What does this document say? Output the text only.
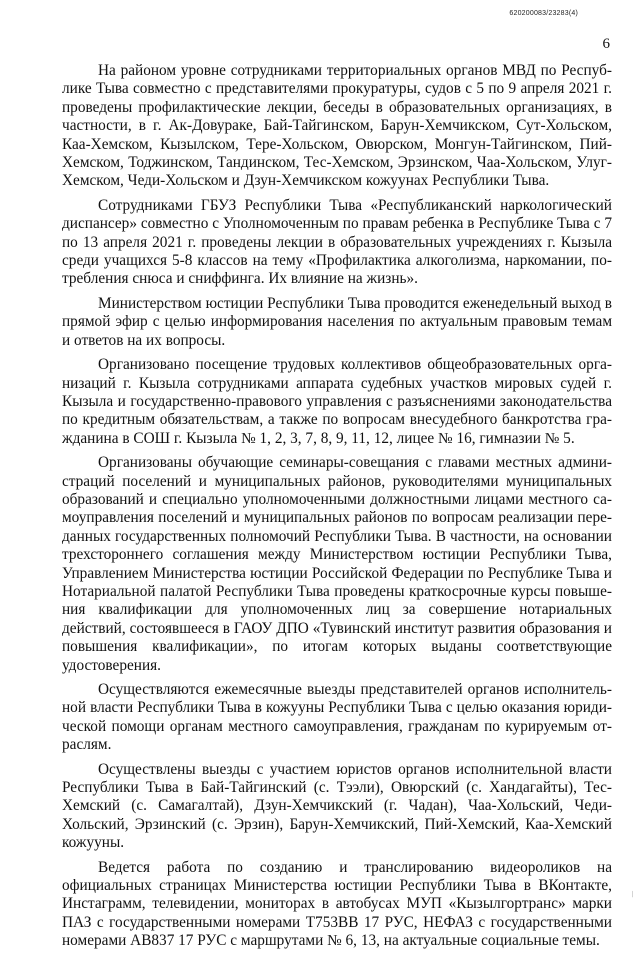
620200083/23283(4)
6

На районом уровне сотрудниками территориальных органов МВД по Республике Тыва совместно с представителями прокуратуры, судов с 5 по 9 апреля 2021 г. проведены профилактические лекции, беседы в образовательных организациях, в частности, в г. Ак-Довураке, Бай-Тайгинском, Барун-Хемчикском, Сут-Хольском, Каа-Хемском, Кызылском, Тере-Хольском, Овюрском, Монгун-Тайгинском, Пий-Хемском, Тоджинском, Тандинском, Тес-Хемском, Эрзинском, Чаа-Хольском, Улуг-Хемском, Чеди-Хольском и Дзун-Хемчикском кожуунах Республики Тыва.

Сотрудниками ГБУЗ Республики Тыва «Республиканский наркологический диспансер» совместно с Уполномоченным по правам ребенка в Республике Тыва с 7 по 13 апреля 2021 г. проведены лекции в образовательных учреждениях г. Кызыла среди учащихся 5-8 классов на тему «Профилактика алкоголизма, наркомании, потребления снюса и сниффинга. Их влияние на жизнь».

Министерством юстиции Республики Тыва проводится еженедельный выход в прямой эфир с целью информирования населения по актуальным правовым темам и ответов на их вопросы.

Организовано посещение трудовых коллективов общеобразовательных организаций г. Кызыла сотрудниками аппарата судебных участков мировых судей г. Кызыла и государственно-правового управления с разъяснениями законодательства по кредитным обязательствам, а также по вопросам внесудебного банкротства гражданина в СОШ г. Кызыла № 1, 2, 3, 7, 8, 9, 11, 12, лицее № 16, гимназии № 5.

Организованы обучающие семинары-совещания с главами местных администраций поселений и муниципальных районов, руководителями муниципальных образований и специально уполномоченными должностными лицами местного самоуправления поселений и муниципальных районов по вопросам реализации переданных государственных полномочий Республики Тыва. В частности, на основании трехстороннего соглашения между Министерством юстиции Республики Тыва, Управлением Министерства юстиции Российской Федерации по Республике Тыва и Нотариальной палатой Республики Тыва проведены краткосрочные курсы повышения квалификации для уполномоченных лиц за совершение нотариальных действий, состоявшееся в ГАОУ ДПО «Тувинский институт развития образования и повышения квалификации», по итогам которых выданы соответствующие удостоверения.

Осуществляются ежемесячные выезды представителей органов исполнительной власти Республики Тыва в кожууны Республики Тыва с целью оказания юридической помощи органам местного самоуправления, гражданам по курируемым отраслям.

Осуществлены выезды с участием юристов органов исполнительной власти Республики Тыва в Бай-Тайгинский (с. Тээли), Овюрский (с. Хандагайты), Тес-Хемский (с. Самагалтай), Дзун-Хемчикский (г. Чадан), Чаа-Хольский, Чеди-Хольский, Эрзинский (с. Эрзин), Барун-Хемчикский, Пий-Хемский, Каа-Хемский кожууны.

Ведется работа по созданию и транслированию видеороликов на официальных страницах Министерства юстиции Республики Тыва в ВКонтакте, Инстаграмм, телевидении, мониторах в автобусах МУП «Кызылгортранс» марки ПАЗ с государственными номерами Т753ВВ 17 РУС, НЕФАЗ с государственными номерами АВ837 17 РУС с маршрутами № 6, 13, на актуальные социальные темы.

/
